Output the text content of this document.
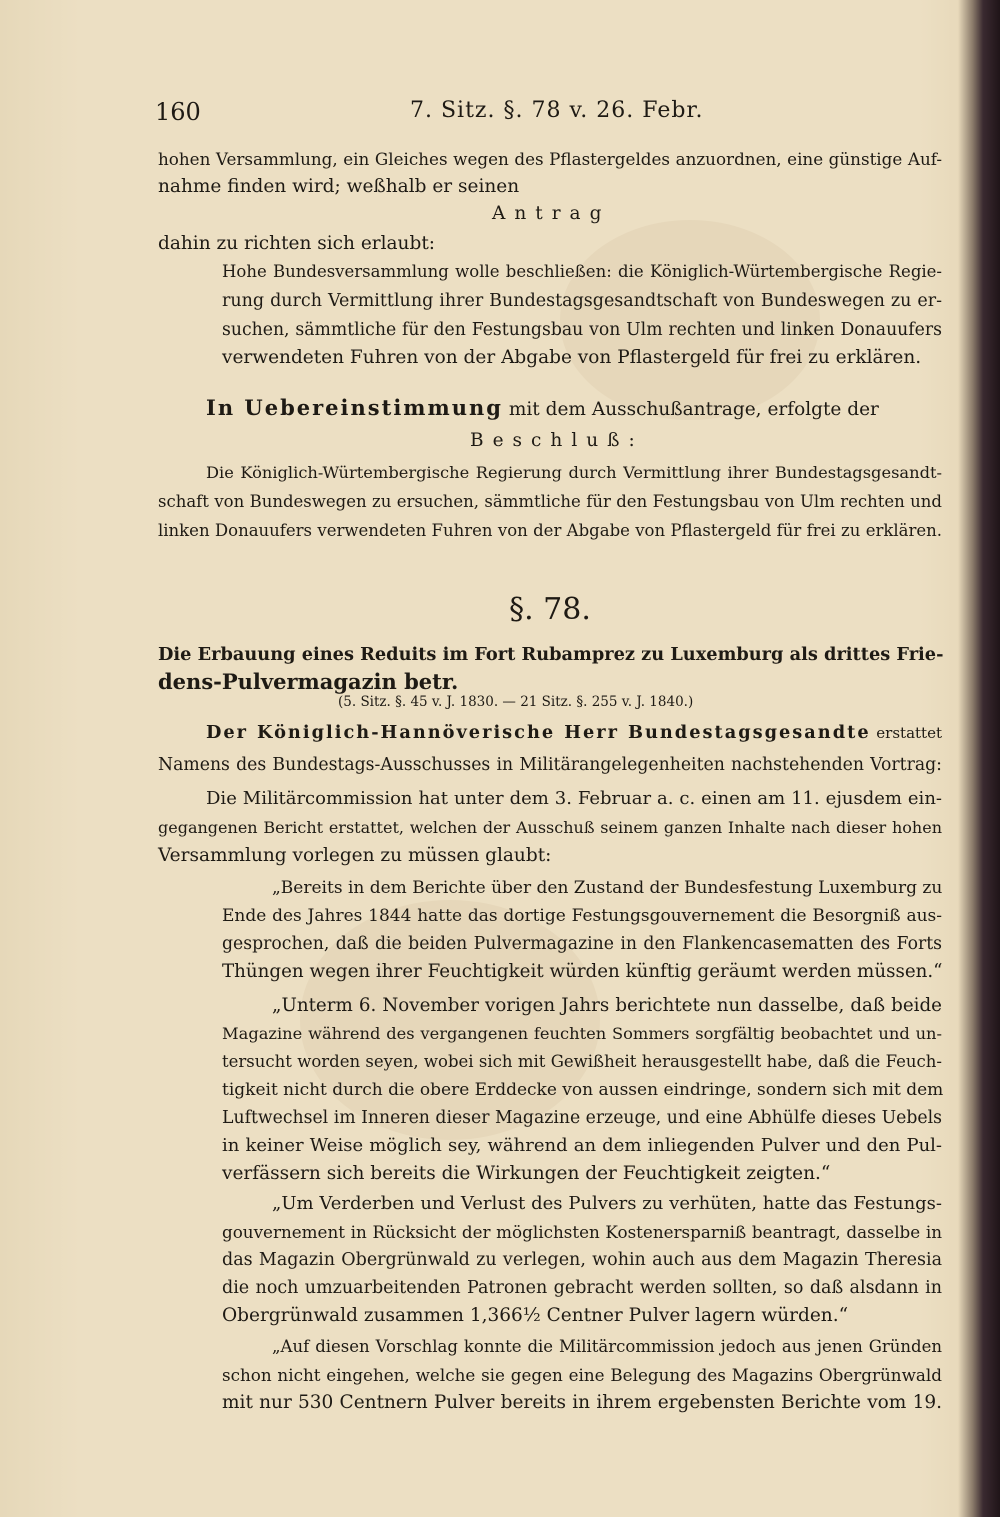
160	7. Sitz. §. 78 v. 26. Febr.
hohen Versammlung, ein Gleiches wegen des Pflastergeldes anzuordnen, eine günstige Auf-
nahme finden wird; weßhalb er seinen
Antrag
dahin zu richten sich erlaubt:
Hohe Bundesversammlung wolle beschließen: die Königlich-Würtembergische Regie-
rung durch Vermittlung ihrer Bundestagsgesandtschaft von Bundeswegen zu er-
suchen, sämmtliche für den Festungsbau von Ulm rechten und linken Donauufers
verwendeten Fuhren von der Abgabe von Pflastergeld für frei zu erklären.
In Uebereinstimmung mit dem Ausschußantrage, erfolgte der
Beschluß:
Die Königlich-Würtembergische Regierung durch Vermittlung ihrer Bundestagsgesandt-
schaft von Bundeswegen zu ersuchen, sämmtliche für den Festungsbau von Ulm rechten und
linken Donauufers verwendeten Fuhren von der Abgabe von Pflastergeld für frei zu erklären.
§. 78.
Die Erbauung eines Reduits im Fort Rubamprez zu Luxemburg als drittes Frie-
dens-Pulvermagazin betr.
(5. Sitz. §. 45 v. J. 1830. — 21 Sitz. §. 255 v. J. 1840.)
Der Königlich-Hannöverische Herr Bundestagsgesandte erstattet
Namens des Bundestags-Ausschusses in Militärangelegenheiten nachstehenden Vortrag:
Die Militärcommission hat unter dem 3. Februar a. c. einen am 11. ejusdem ein-
gegangenen Bericht erstattet, welchen der Ausschuß seinem ganzen Inhalte nach dieser hohen
Versammlung vorlegen zu müssen glaubt:
„Bereits in dem Berichte über den Zustand der Bundesfestung Luxemburg zu
Ende des Jahres 1844 hatte das dortige Festungsgouvernement die Besorgniß aus-
gesprochen, daß die beiden Pulvermagazine in den Flankencasematten des Forts
Thüngen wegen ihrer Feuchtigkeit würden künftig geräumt werden müssen.“
„Unterm 6. November vorigen Jahrs berichtete nun dasselbe, daß beide
Magazine während des vergangenen feuchten Sommers sorgfältig beobachtet und un-
tersucht worden seyen, wobei sich mit Gewißheit herausgestellt habe, daß die Feuch-
tigkeit nicht durch die obere Erddecke von aussen eindringe, sondern sich mit dem
Luftwechsel im Inneren dieser Magazine erzeuge, und eine Abhülfe dieses Uebels
in keiner Weise möglich sey, während an dem inliegenden Pulver und den Pul-
verfässern sich bereits die Wirkungen der Feuchtigkeit zeigten.“
„Um Verderben und Verlust des Pulvers zu verhüten, hatte das Festungs-
gouvernement in Rücksicht der möglichsten Kostenersparniß beantragt, dasselbe in
das Magazin Obergrünwald zu verlegen, wohin auch aus dem Magazin Theresia
die noch umzuarbeitenden Patronen gebracht werden sollten, so daß alsdann in
Obergrünwald zusammen 1,366½ Centner Pulver lagern würden.“
„Auf diesen Vorschlag konnte die Militärcommission jedoch aus jenen Gründen
schon nicht eingehen, welche sie gegen eine Belegung des Magazins Obergrünwald
mit nur 530 Centnern Pulver bereits in ihrem ergebensten Berichte vom 19.
